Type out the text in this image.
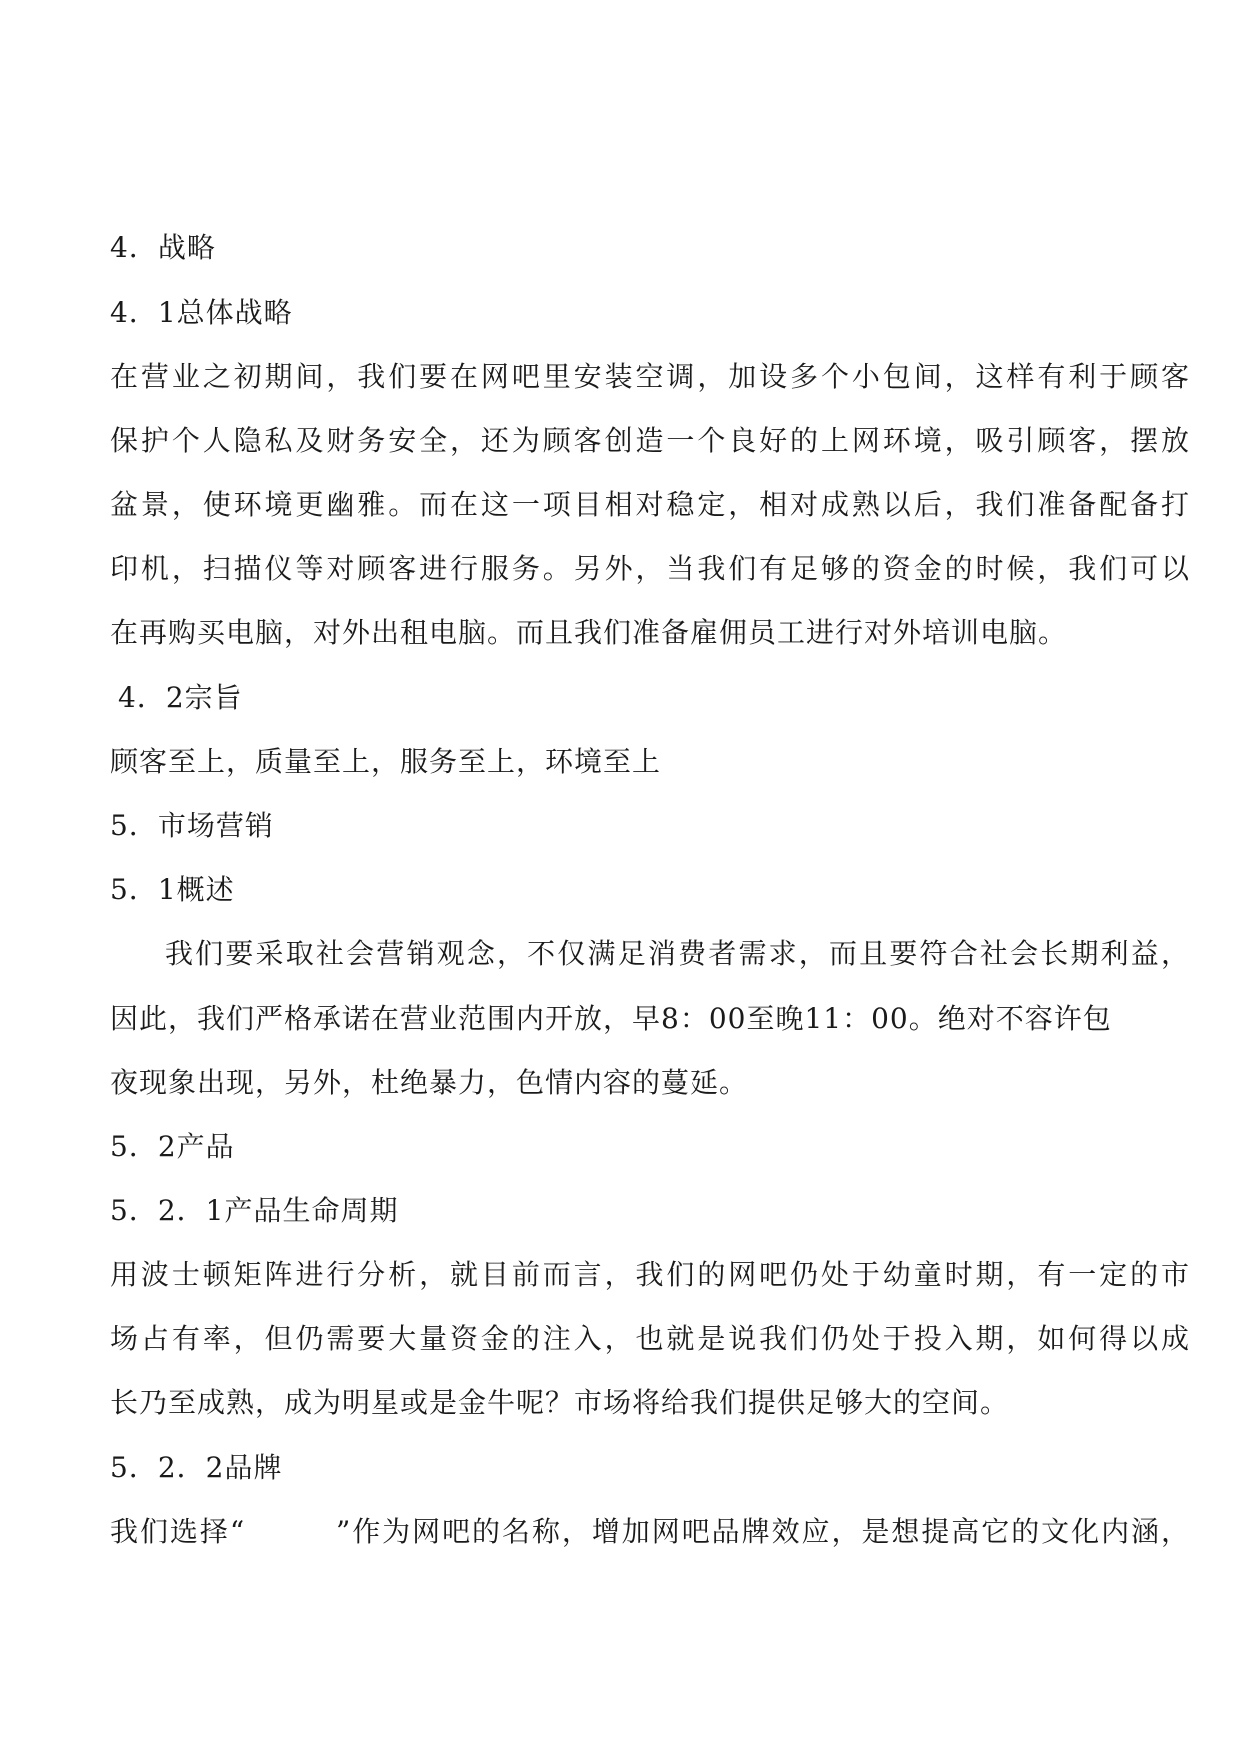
4．战略
4．1总体战略
在营业之初期间，我们要在网吧里安装空调，加设多个小包间，这样有利于顾客
保护个人隐私及财务安全，还为顾客创造一个良好的上网环境，吸引顾客，摆放
盆景，使环境更幽雅。而在这一项目相对稳定，相对成熟以后，我们准备配备打
印机，扫描仪等对顾客进行服务。另外，当我们有足够的资金的时候，我们可以
在再购买电脑，对外出租电脑。而且我们准备雇佣员工进行对外培训电脑。
4．2宗旨
顾客至上，质量至上，服务至上，环境至上
5．市场营销
5．1概述
我们要采取社会营销观念，不仅满足消费者需求，而且要符合社会长期利益，
因此，我们严格承诺在营业范围内开放，早8：00至晚11：00。绝对不容许包
夜现象出现，另外，杜绝暴力，色情内容的蔓延。
5．2产品
5．2．1产品生命周期
用波士顿矩阵进行分析，就目前而言，我们的网吧仍处于幼童时期，有一定的市
场占有率，但仍需要大量资金的注入，也就是说我们仍处于投入期，如何得以成
长乃至成熟，成为明星或是金牛呢？市场将给我们提供足够大的空间。
5．2．2品牌
我们选择“　　　”作为网吧的名称，增加网吧品牌效应，是想提高它的文化内涵，
